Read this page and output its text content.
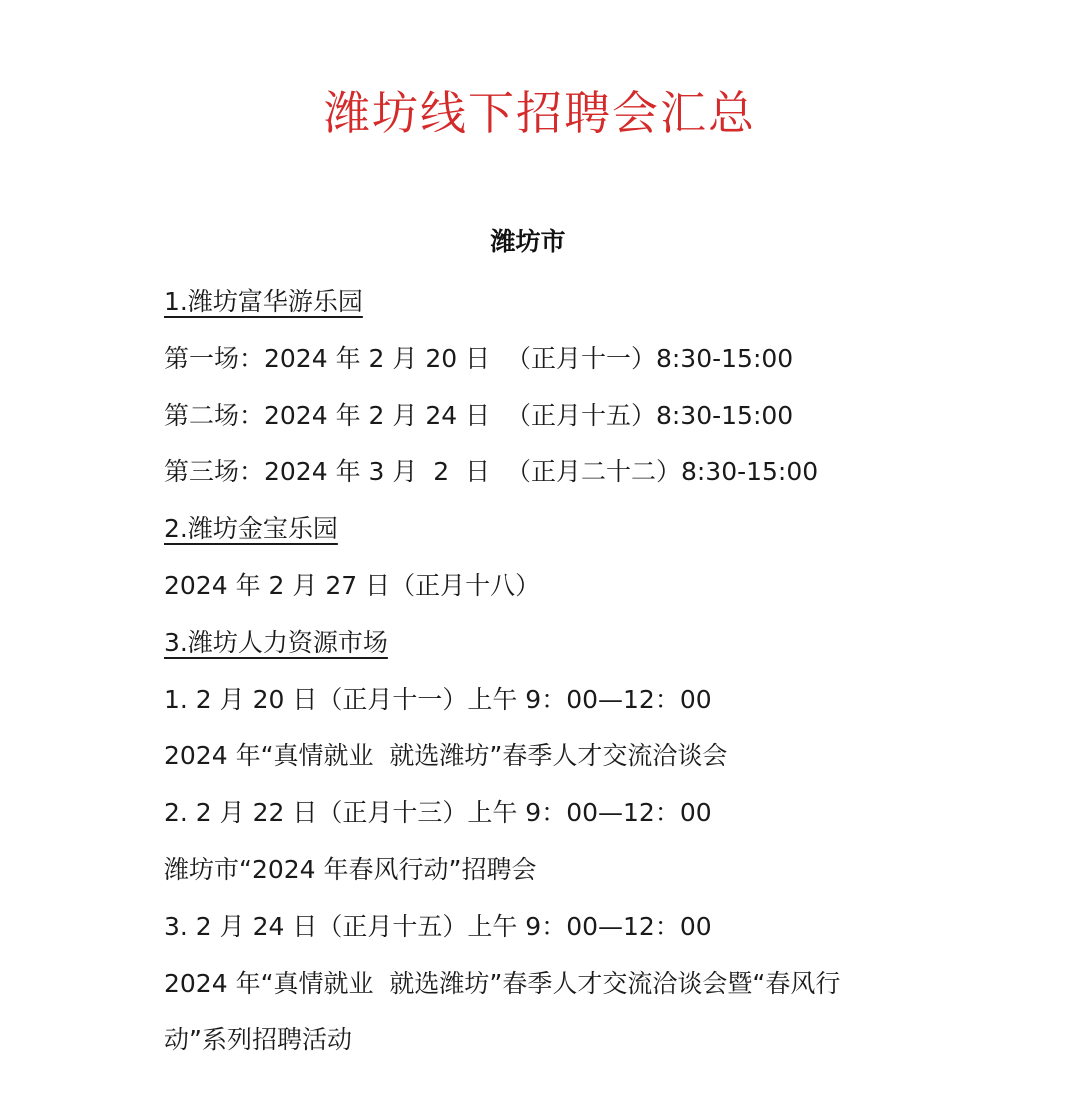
潍坊线下招聘会汇总
潍坊市
1.潍坊富华游乐园
第一场：2024 年 2 月 20 日  （正月十一）8:30-15:00
第二场：2024 年 2 月 24 日  （正月十五）8:30-15:00
第三场：2024 年 3 月  2  日  （正月二十二）8:30-15:00
2.潍坊金宝乐园
2024 年 2 月 27 日（正月十八）
3.潍坊人力资源市场
1. 2 月 20 日（正月十一）上午 9：00—12：00
2024 年“真情就业  就选潍坊”春季人才交流洽谈会
2. 2 月 22 日（正月十三）上午 9：00—12：00
潍坊市“2024 年春风行动”招聘会
3. 2 月 24 日（正月十五）上午 9：00—12：00
2024 年“真情就业  就选潍坊”春季人才交流洽谈会暨“春风行
动”系列招聘活动
